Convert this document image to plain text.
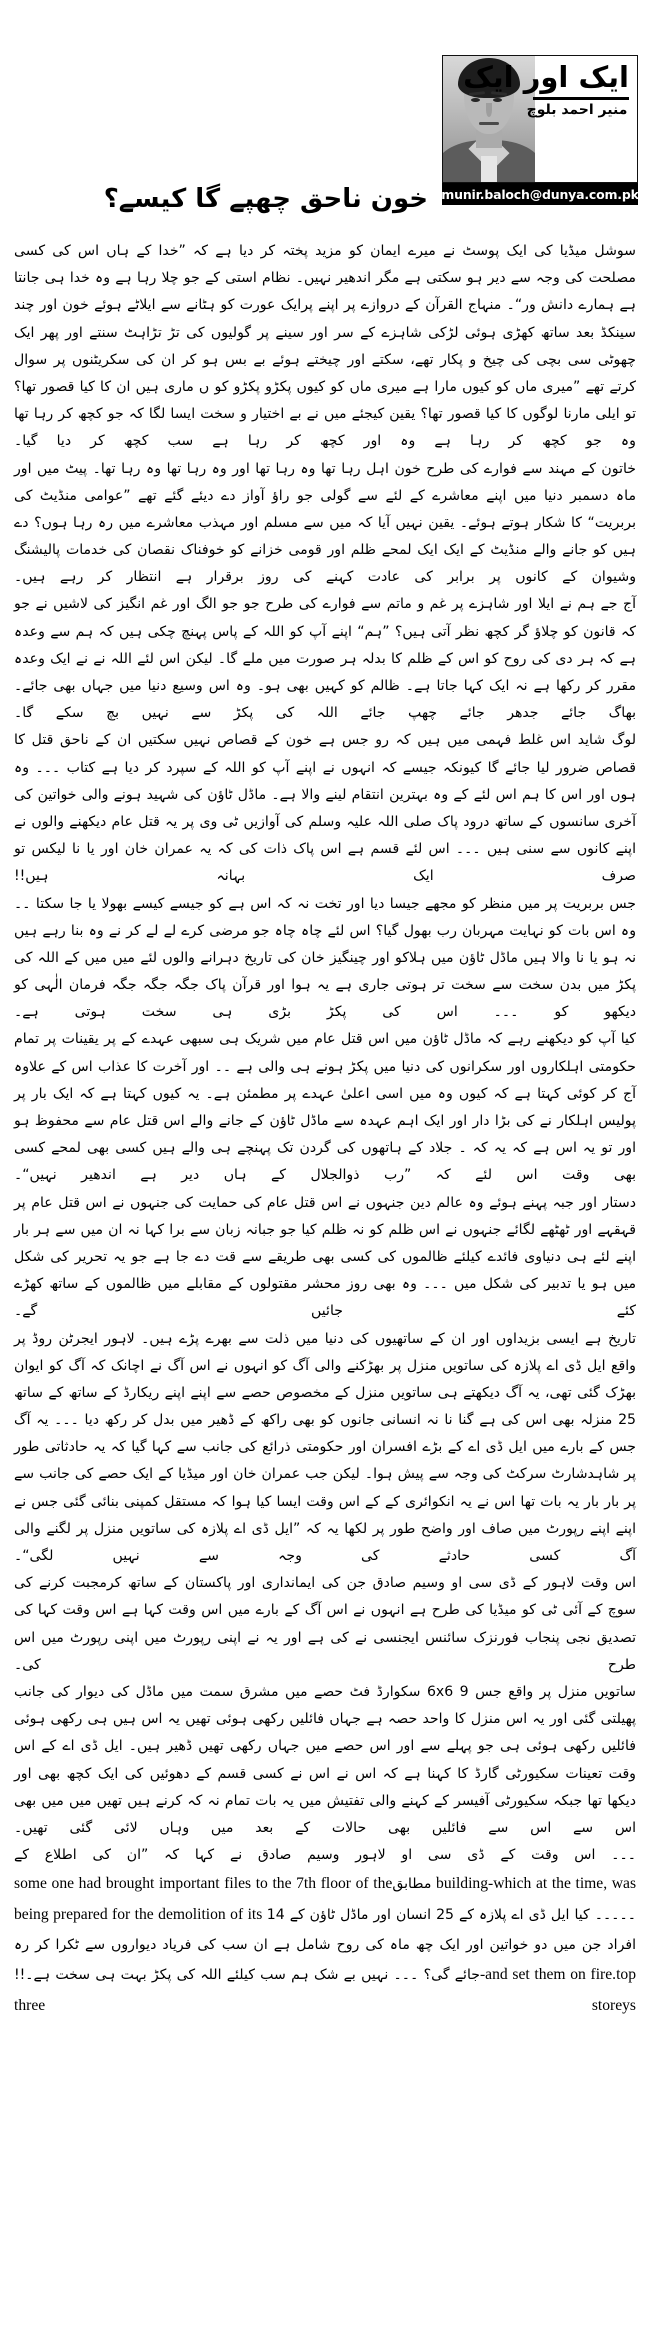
ایک اور ایک
منیر احمد بلوچ
munir.baloch@dunya.com.pk
خون ناحق چھپے گا کیسے؟

سوشل میڈیا کی ایک پوسٹ نے میرے ایمان کو مزید پختہ کر دیا ہے کہ ”خدا کے ہاں اس کی کسی مصلحت کی وجہ سے دیر ہو سکتی ہے مگر اندھیر نہیں۔ نظام استی کے جو چلا رہا ہے وہ خدا ہی جانتا ہے ہمارے دانش ور“۔ منہاج القرآن کے دروازے پر اپنے پرایک عورت کو ہٹانے سے ایلاٹے ہوئے خون اور چند سینکڈ بعد ساتھ کھڑی ہوئی لڑکی شاہزے کے سر اور سینے پر گولیوں کی تڑ تڑاہٹ سنتے اور پھر ایک چھوٹی سی بچی کی چیخ و پکار تھے، سکتے اور چیختے ہوئے بے بس ہو کر ان کی سکریٹنوں پر سوال کرتے تھے ”میری ماں کو کیوں مارا ہے میری ماں کو کیوں پکڑو پکڑو کو ں ماری ہیں ان کا کیا قصور تھا؟ تو ایلی مارنا لوگوں کا کیا قصور تھا؟ یقین کیجئے میں نے بے اختیار و سخت ایسا لگا کہ جو کچھ کر رہا تھا وہ جو کچھ کر رہا ہے وہ اور کچھ کر رہا ہے سب کچھ کر دیا گیا۔

خاتون کے مہند سے فوارے کی طرح خون اہل رہا تھا وہ رہا تھا اور وہ رہا تھا وہ رہا تھا۔ پیٹ میں اور ماہ دسمبر دنیا میں اپنے معاشرے کے لئے سے گولی جو راؤ آواز دے دیئے گئے تھے ”عوامی منڈیٹ کی بربریت“ کا شکار ہوتے ہوئے۔ یقین نہیں آیا کہ میں سے مسلم اور مہذب معاشرے میں رہ رہا ہوں؟ دے ہیں کو جانے والے منڈیٹ کے ایک ایک لمحے ظلم اور قومی خزانے کو خوفناک نقصان کی خدمات پالیشنگ وشیوان کے کانوں پر برابر کی عادت کہنے کی روز برقرار ہے انتظار کر رہے ہیں۔

آج جے ہم نے ایلا اور شاہزے پر غم و ماتم سے فوارے کی طرح جو جو الگ اور غم انگیز کی لاشیں نے جو کہ قانون کو چلاؤ گر کچھ نظر آتی ہیں؟ ”ہم“ اپنے آپ کو اللہ کے پاس پہنچ چکی ہیں کہ ہم سے وعدہ ہے کہ ہر دی کی روح کو اس کے ظلم کا بدلہ ہر صورت میں ملے گا۔ لیکن اس لئے اللہ نے نے ایک وعدہ مقرر کر رکھا ہے نہ ایک کہا جاتا ہے۔ ظالم کو کہیں بھی ہو۔ وہ اس وسیع دنیا میں جہاں بھی جائے۔ بھاگ جائے جدھر جائے چھپ جائے اللہ کی پکڑ سے نہیں بچ سکے گا۔

لوگ شاید اس غلط فہمی میں ہیں کہ رو جس ہے خون کے قصاص نہیں سکتیں ان کے ناحق قتل کا قصاص ضرور لیا جائے گا کیونکہ جیسے کہ انہوں نے اپنے آپ کو اللہ کے سپرد کر دیا ہے کتاب ۔۔۔ وہ ہوں اور اس کا ہم اس لئے کے وہ بہترین انتقام لینے والا ہے۔ ماڈل ٹاؤن کی شہید ہونے والی خواتین کی آخری سانسوں کے ساتھ درود پاک صلی اللہ علیہ وسلم کی آوازیں ٹی وی پر یہ قتل عام دیکھنے والوں نے اپنے کانوں سے سنی ہیں ۔۔۔ اس لئے قسم ہے اس پاک ذات کی کہ یہ عمران خان اور یا نا لیکس تو صرف ایک بہانہ ہیں!!

جس بربریت پر میں منظر کو مجھے جیسا دیا اور تخت نہ کہ اس ہے کو جیسے کیسے بھولا یا جا سکتا ۔۔ وہ اس بات کو نہایت مہربان رب بھول گیا؟ اس لئے چاہ چاہ جو مرضی کرے لے لے کر نے وہ بنا رہے ہیں نہ ہو یا نا والا ہیں ماڈل ٹاؤن میں ہلاکو اور چینگیز خان کی تاریخ دہرانے والوں لئے میں میں کے اللہ کی پکڑ میں بدن سخت سے سخت تر ہوتی جاری ہے یہ ہوا اور قرآن پاک جگہ جگہ جگہ فرمان الٰہی کو دیکھو کو ۔۔۔ اس کی پکڑ بڑی ہی سخت ہوتی ہے۔

کیا آپ کو دیکھنے رہے کہ ماڈل ٹاؤن میں اس قتل عام میں شریک ہی سبھی عہدے کے پر یقینات پر تمام حکومتی اہلکاروں اور سکرانوں کی دنیا میں پکڑ ہونے ہی والی ہے ۔۔ اور آخرت کا عذاب اس کے علاوہ آج کر کوئی کہتا ہے کہ کیوں وہ میں اسی اعلیٰ عہدے پر مطمئن ہے۔ یہ کیوں کہتا ہے کہ ایک بار پر پولیس اہلکار نے کی بڑا دار اور ایک اہم عہدہ سے ماڈل ٹاؤن کے جانے والے اس قتل عام سے محفوظ ہو اور تو یہ اس ہے کہ یہ کہ ۔ جلاد کے ہاتھوں کی گردن تک پہنچے ہی والے ہیں کسی بھی لمحے کسی بھی وقت اس لئے کہ ”رب ذوالجلال کے ہاں دیر ہے اندھیر نہیں“۔

دستار اور جبہ پہنے ہوئے وہ عالم دین جنہوں نے اس قتل عام کی حمایت کی جنہوں نے اس قتل عام پر قہقہے اور ٹھٹھے لگائے جنہوں نے اس ظلم کو نہ ظلم کیا جو جبانہ زبان سے برا کہا نہ ان میں سے ہر بار اپنے لئے ہی دنیاوی فائدے کیلئے ظالموں کی کسی بھی طریقے سے قت دے جا ہے جو یہ تحریر کی شکل میں ہو یا تدبیر کی شکل میں ۔۔۔ وہ بھی روز محشر مقتولوں کے مقابلے میں ظالموں کے ساتھ کھڑے کئے جائیں گے۔

تاریخ ہے ایسی بزیداوں اور ان کے ساتھیوں کی دنیا میں ذلت سے بھرے پڑے ہیں۔ لاہور ایجرٹن روڈ پر واقع ایل ڈی اے پلازہ کی ساتویں منزل پر بھڑکنے والی آگ کو انہوں نے اس آگ نے اچانک کہ آگ کو ایوان بھڑک گئی تھی، یہ آگ دیکھتے ہی ساتویں منزل کے مخصوص حصے سے اپنے اپنے ریکارڈ کے ساتھ کے ساتھ 25 منزلہ بھی اس کی ہے گنا نا نہ انسانی جانوں کو بھی راکھ کے ڈھیر میں بدل کر رکھ دیا ۔۔۔ یہ آگ جس کے بارے میں ایل ڈی اے کے بڑے افسران اور حکومتی ذرائع کی جانب سے کہا گیا کہ یہ حادثاتی طور پر شاہدشارٹ سرکٹ کی وجہ سے پیش ہوا۔ لیکن جب عمران خان اور میڈیا کے ایک حصے کی جانب سے پر بار بار یہ بات تھا اس نے یہ انکوائری کے کے اس وقت ایسا کیا ہوا کہ مستقل کمپنی بنائی گئی جس نے اپنے اپنے رپورٹ میں صاف اور واضح طور پر لکھا یہ کہ ”ایل ڈی اے پلازہ کی ساتویں منزل پر لگنے والی آگ کسی حادثے کی وجہ سے نہیں لگی“۔

اس وقت لاہور کے ڈی سی او وسیم صادق جن کی ایمانداری اور پاکستان کے ساتھ کرمجبت کرنے کی سوچ کے آئی ٹی کو میڈیا کی طرح ہے انہوں نے اس آگ کے بارے میں اس وقت کہا ہے اس وقت کہا کی تصدیق نجی پنجاب فورنزک سائنس ایجنسی نے کی ہے اور یہ نے اپنی رپورٹ میں اپنی رپورٹ میں اس طرح کی۔

ساتویں منزل پر واقع جس 6x6 9 سکوارڈ فٹ حصے میں مشرق سمت میں ماڈل کی دیوار کی جانب پھیلتی گئی اور یہ اس منزل کا واحد حصہ ہے جہاں فائلیں رکھی ہوئی تھیں یہ اس ہیں ہی رکھی ہوئی فائلیں رکھی ہوئی ہی جو پہلے سے اور اس حصے میں جہاں رکھی تھیں ڈھیر ہیں۔ ایل ڈی اے کے اس وقت تعینات سکیورٹی گارڈ کا کہنا ہے کہ اس نے اس نے کسی قسم کے دھوئیں کی ایک کچھ بھی اور دیکھا تھا جبکہ سکیورٹی آفیسر کے کہنے والی تفتیش میں یہ بات تمام نہ کہ کرنے ہیں تھیں میں میں بھی اس سے اس سے فائلیں بھی حالات کے بعد میں وہاں لائی گئی تھیں۔

۔۔۔ اس وقت کے ڈی سی او لاہور وسیم صادق نے کہا کہ ”ان کی اطلاع کے

some one had brought important files to the 7th floor of theمطابق building-which at the time, was being prepared for the demolition of its ۔۔۔۔۔ کیا ایل ڈی اے پلازہ کے 25 انسان اور ماڈل ٹاؤن کے 14 افراد جن میں دو خواتین اور ایک چھ ماہ کی روح شامل ہے ان سب کی فریاد دیواروں سے ٹکرا کر رہ جائے گی؟ ۔۔۔ نہیں بے شک ہم سب کیلئے اللہ کی پکڑ بہت ہی سخت ہے۔!!-and set them on fire.top three storeys
